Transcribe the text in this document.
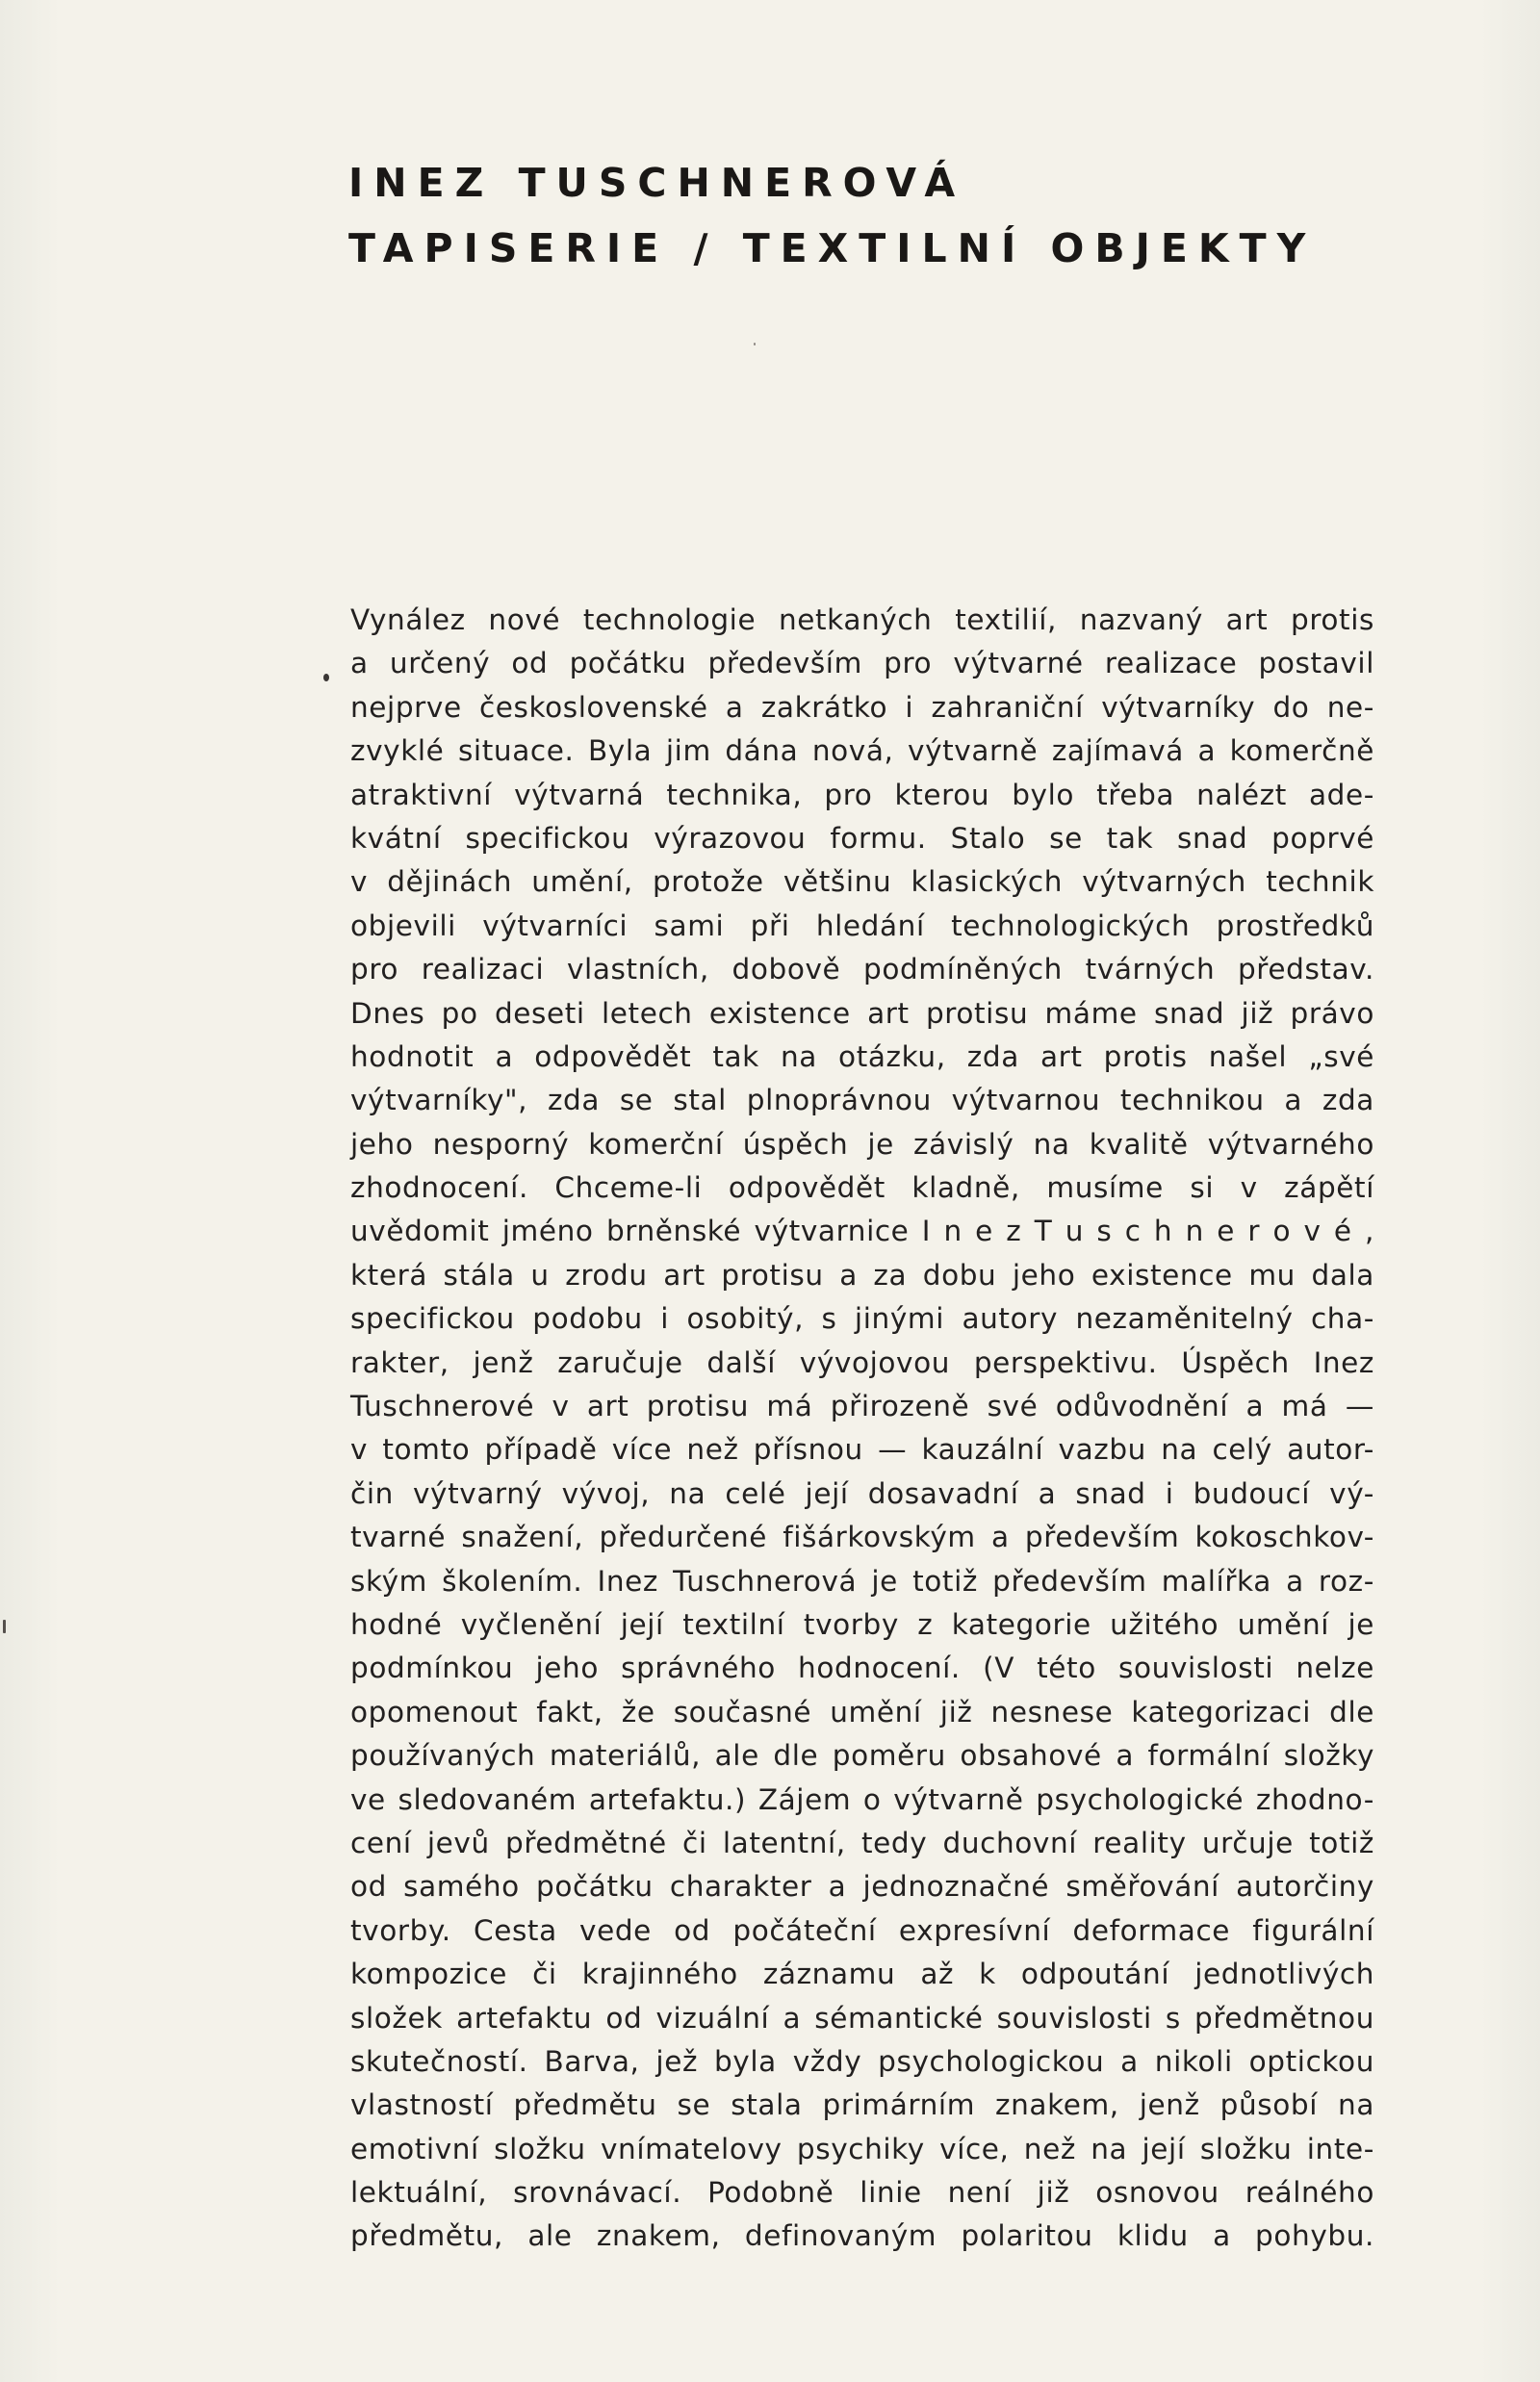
INEZ TUSCHNEROVÁ
TAPISERIE / TEXTILNÍ OBJEKTY
Vynález nové technologie netkaných textilií, nazvaný art protis
a určený od počátku především pro výtvarné realizace postavil
nejprve československé a zakrátko i zahraniční výtvarníky do ne-
zvyklé situace. Byla jim dána nová, výtvarně zajímavá a komerčně
atraktivní výtvarná technika, pro kterou bylo třeba nalézt ade-
kvátní specifickou výrazovou formu. Stalo se tak snad poprvé
v dějinách umění, protože většinu klasických výtvarných technik
objevili výtvarníci sami při hledání technologických prostředků
pro realizaci vlastních, dobově podmíněných tvárných představ.
Dnes po deseti letech existence art protisu máme snad již právo
hodnotit a odpovědět tak na otázku, zda art protis našel „své
výtvarníky", zda se stal plnoprávnou výtvarnou technikou a zda
jeho nesporný komerční úspěch je závislý na kvalitě výtvarného
zhodnocení. Chceme-li odpovědět kladně, musíme si v zápětí
uvědomit jméno brněnské výtvarnice I n e z T u s c h n e r o v é ,
která stála u zrodu art protisu a za dobu jeho existence mu dala
specifickou podobu i osobitý, s jinými autory nezaměnitelný cha-
rakter, jenž zaručuje další vývojovou perspektivu. Úspěch Inez
Tuschnerové v art protisu má přirozeně své odůvodnění a má —
v tomto případě více než přísnou — kauzální vazbu na celý autor-
čin výtvarný vývoj, na celé její dosavadní a snad i budoucí vý-
tvarné snažení, předurčené fišárkovským a především kokoschkov-
ským školením. Inez Tuschnerová je totiž především malířka a roz-
hodné vyčlenění její textilní tvorby z kategorie užitého umění je
podmínkou jeho správného hodnocení. (V této souvislosti nelze
opomenout fakt, že současné umění již nesnese kategorizaci dle
používaných materiálů, ale dle poměru obsahové a formální složky
ve sledovaném artefaktu.) Zájem o výtvarně psychologické zhodno-
cení jevů předmětné či latentní, tedy duchovní reality určuje totiž
od samého počátku charakter a jednoznačné směřování autorčiny
tvorby. Cesta vede od počáteční expresívní deformace figurální
kompozice či krajinného záznamu až k odpoutání jednotlivých
složek artefaktu od vizuální a sémantické souvislosti s předmětnou
skutečností. Barva, jež byla vždy psychologickou a nikoli optickou
vlastností předmětu se stala primárním znakem, jenž působí na
emotivní složku vnímatelovy psychiky více, než na její složku inte-
lektuální, srovnávací. Podobně linie není již osnovou reálného
předmětu, ale znakem, definovaným polaritou klidu a pohybu.
